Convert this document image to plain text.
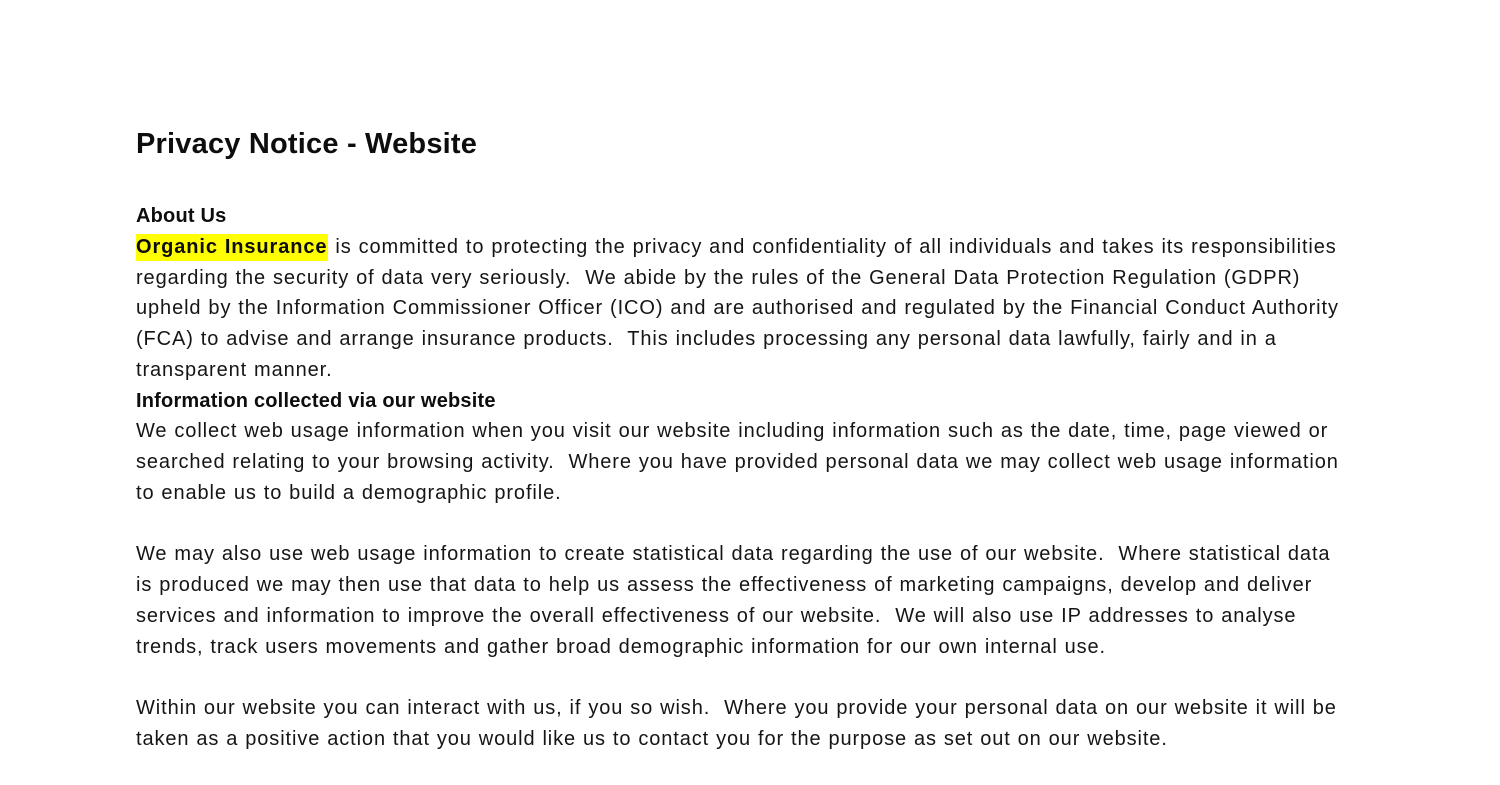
Privacy Notice - Website
About Us

Organic Insurance is committed to protecting the privacy and confidentiality of all individuals and takes its responsibilities regarding the security of data very seriously.  We abide by the rules of the General Data Protection Regulation (GDPR) upheld by the Information Commissioner Officer (ICO) and are authorised and regulated by the Financial Conduct Authority (FCA) to advise and arrange insurance products.  This includes processing any personal data lawfully, fairly and in a transparent manner.

Information collected via our website

We collect web usage information when you visit our website including information such as the date, time, page viewed or searched relating to your browsing activity.  Where you have provided personal data we may collect web usage information to enable us to build a demographic profile.

We may also use web usage information to create statistical data regarding the use of our website.  Where statistical data is produced we may then use that data to help us assess the effectiveness of marketing campaigns, develop and deliver services and information to improve the overall effectiveness of our website.  We will also use IP addresses to analyse trends, track users movements and gather broad demographic information for our own internal use.

Within our website you can interact with us, if you so wish.  Where you provide your personal data on our website it will be taken as a positive action that you would like us to contact you for the purpose as set out on our website.
